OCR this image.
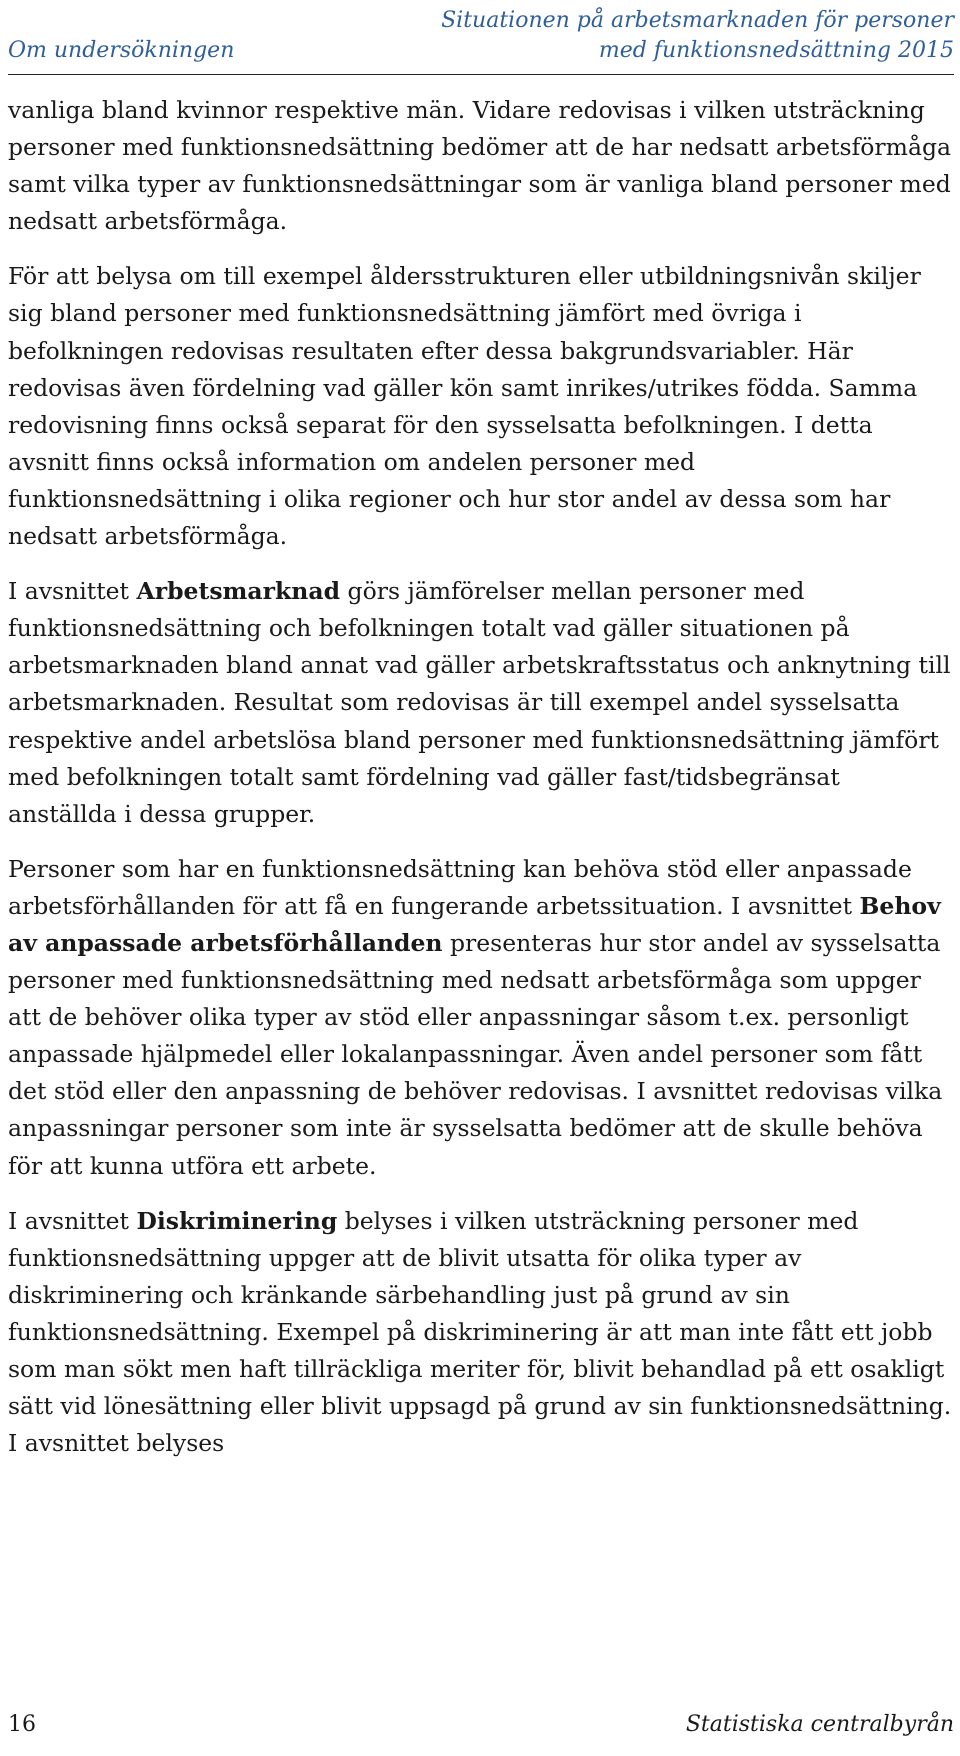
Om undersökningen
Situationen på arbetsmarknaden för personer
med funktionsnedsättning 2015

vanliga bland kvinnor respektive män. Vidare redovisas i vilken utsträckning personer med funktionsnedsättning bedömer att de har nedsatt arbetsförmåga samt vilka typer av funktionsnedsättningar som är vanliga bland personer med nedsatt arbetsförmåga.

För att belysa om till exempel åldersstrukturen eller utbildningsnivån skiljer sig bland personer med funktionsnedsättning jämfört med övriga i befolkningen redovisas resultaten efter dessa bakgrundsvariabler. Här redovisas även fördelning vad gäller kön samt inrikes/utrikes födda. Samma redovisning finns också separat för den sysselsatta befolkningen. I detta avsnitt finns också information om andelen personer med funktionsnedsättning i olika regioner och hur stor andel av dessa som har nedsatt arbetsförmåga.

I avsnittet Arbetsmarknad görs jämförelser mellan personer med funktionsnedsättning och befolkningen totalt vad gäller situationen på arbetsmarknaden bland annat vad gäller arbetskraftsstatus och anknytning till arbetsmarknaden. Resultat som redovisas är till exempel andel sysselsatta respektive andel arbetslösa bland personer med funktionsnedsättning jämfört med befolkningen totalt samt fördelning vad gäller fast/tidsbegränsat anställda i dessa grupper.

Personer som har en funktionsnedsättning kan behöva stöd eller anpassade arbetsförhållanden för att få en fungerande arbetssituation. I avsnittet Behov av anpassade arbetsförhållanden presenteras hur stor andel av sysselsatta personer med funktionsnedsättning med nedsatt arbetsförmåga som uppger att de behöver olika typer av stöd eller anpassningar såsom t.ex. personligt anpassade hjälpmedel eller lokalanpassningar. Även andel personer som fått det stöd eller den anpassning de behöver redovisas. I avsnittet redovisas vilka anpassningar personer som inte är sysselsatta bedömer att de skulle behöva för att kunna utföra ett arbete.

I avsnittet Diskriminering belyses i vilken utsträckning personer med funktionsnedsättning uppger att de blivit utsatta för olika typer av diskriminering och kränkande särbehandling just på grund av sin funktionsnedsättning. Exempel på diskriminering är att man inte fått ett jobb som man sökt men haft tillräckliga meriter för, blivit behandlad på ett osakligt sätt vid lönesättning eller blivit uppsagd på grund av sin funktionsnedsättning. I avsnittet belyses

16	Statistiska centralbyrån
